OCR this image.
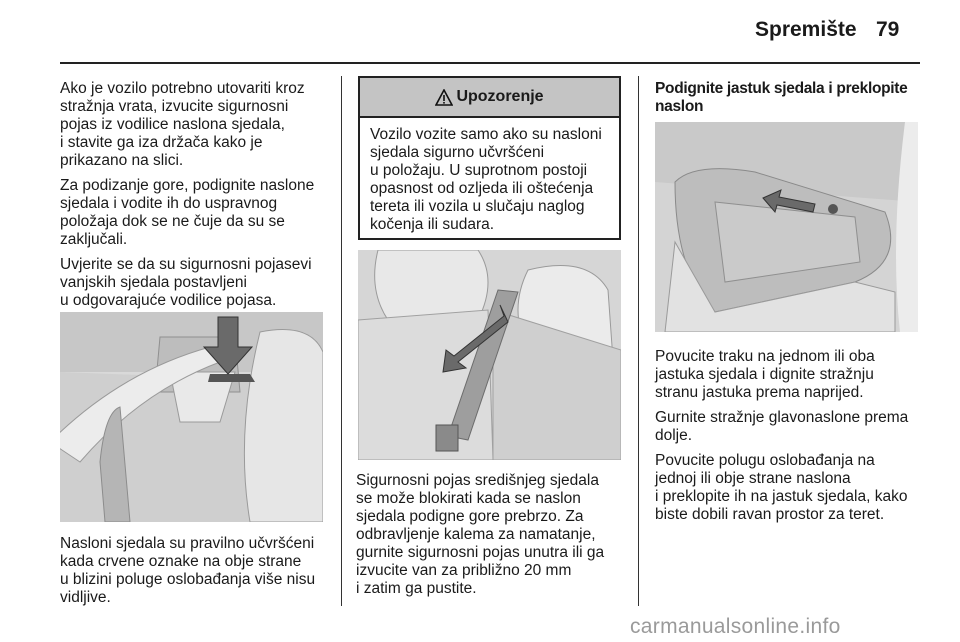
Spremište 79

Ako je vozilo potrebno utovariti kroz
stražnja vrata, izvucite sigurnosni
pojas iz vodilice naslona sjedala,
i stavite ga iza držača kako je
prikazano na slici.

Za podizanje gore, podignite naslone
sjedala i vodite ih do uspravnog
položaja dok se ne čuje da su se
zaključali.

Uvjerite se da su sigurnosni pojasevi
vanjskih sjedala postavljeni
u odgovarajuće vodilice pojasa.

Nasloni sjedala su pravilno učvršćeni
kada crvene oznake na obje strane
u blizini poluge oslobađanja više nisu
vidljive.

Upozorenje
Vozilo vozite samo ako su nasloni
sjedala sigurno učvršćeni
u položaju. U suprotnom postoji
opasnost od ozljeda ili oštećenja
tereta ili vozila u slučaju naglog
kočenja ili sudara.

Sigurnosni pojas središnjeg sjedala
se može blokirati kada se naslon
sjedala podigne gore prebrzo. Za
odbravljenje kalema za namatanje,
gurnite sigurnosni pojas unutra ili ga
izvucite van za približno 20 mm
i zatim ga pustite.

Podignite jastuk sjedala i preklopite
naslon

Povucite traku na jednom ili oba
jastuka sjedala i dignite stražnju
stranu jastuka prema naprijed.

Gurnite stražnje glavonaslone prema
dolje.

Povucite polugu oslobađanja na
jednoj ili obje strane naslona
i preklopite ih na jastuk sjedala, kako
biste dobili ravan prostor za teret.

carmanualsonline.info
